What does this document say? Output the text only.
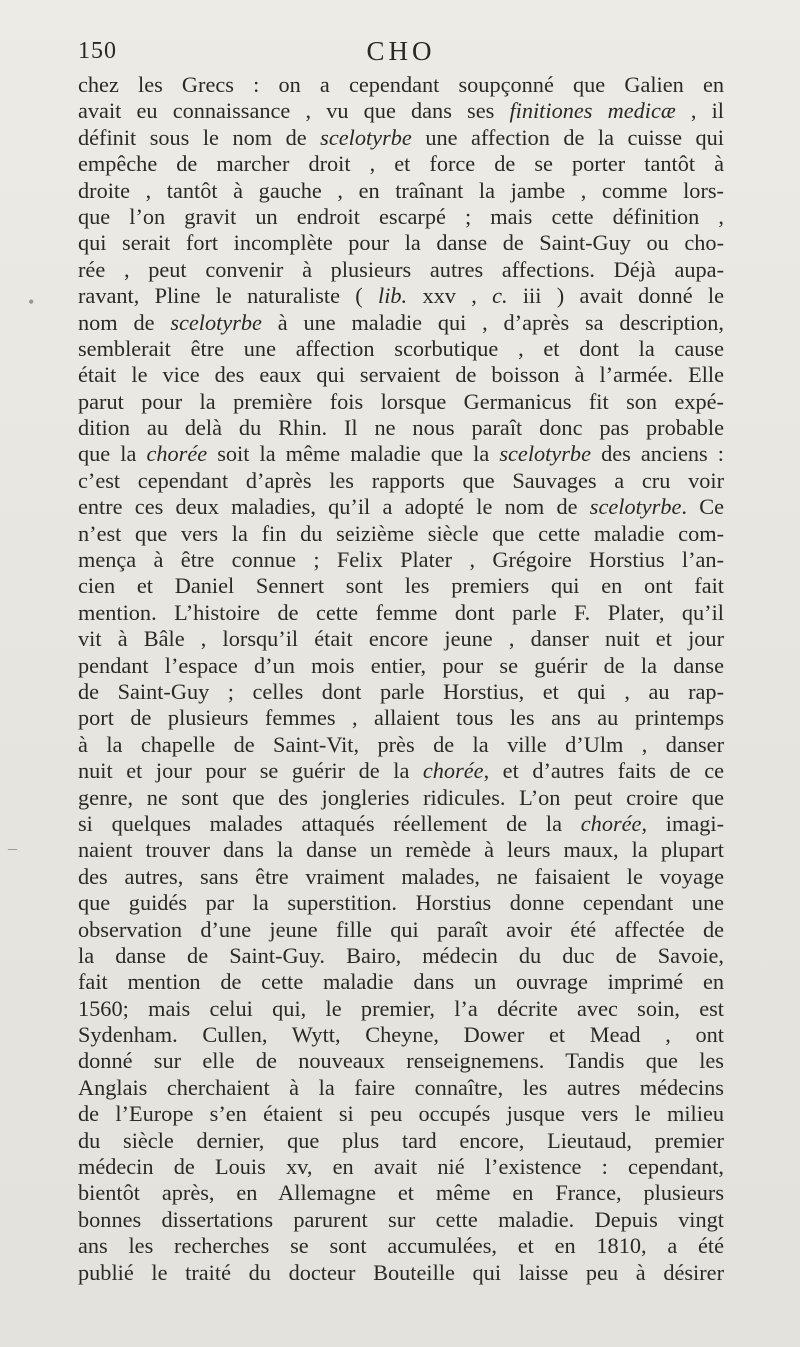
150	CHO
•
–
chez les Grecs : on a cependant soupçonné que Galien en
avait eu connaissance , vu que dans ses finitiones medicæ , il
définit sous le nom de scelotyrbe une affection de la cuisse qui
empêche de marcher droit , et force de se porter tantôt à
droite , tantôt à gauche , en traînant la jambe , comme lors-
que l’on gravit un endroit escarpé ; mais cette définition ,
qui serait fort incomplète pour la danse de Saint-Guy ou cho-
rée , peut convenir à plusieurs autres affections. Déjà aupa-
ravant, Pline le naturaliste ( lib. xxv , c. iii ) avait donné le
nom de scelotyrbe à une maladie qui , d’après sa description,
semblerait être une affection scorbutique , et dont la cause
était le vice des eaux qui servaient de boisson à l’armée. Elle
parut pour la première fois lorsque Germanicus fit son expé-
dition au delà du Rhin. Il ne nous paraît donc pas probable
que la chorée soit la même maladie que la scelotyrbe des anciens :
c’est cependant d’après les rapports que Sauvages a cru voir
entre ces deux maladies, qu’il a adopté le nom de scelotyrbe. Ce
n’est que vers la fin du seizième siècle que cette maladie com-
mença à être connue ; Felix Plater , Grégoire Horstius l’an-
cien et Daniel Sennert sont les premiers qui en ont fait
mention. L’histoire de cette femme dont parle F. Plater, qu’il
vit à Bâle , lorsqu’il était encore jeune , danser nuit et jour
pendant l’espace d’un mois entier, pour se guérir de la danse
de Saint-Guy ; celles dont parle Horstius, et qui , au rap-
port de plusieurs femmes , allaient tous les ans au printemps
à la chapelle de Saint-Vit, près de la ville d’Ulm , danser
nuit et jour pour se guérir de la chorée, et d’autres faits de ce
genre, ne sont que des jongleries ridicules. L’on peut croire que
si quelques malades attaqués réellement de la chorée, imagi-
naient trouver dans la danse un remède à leurs maux, la plupart
des autres, sans être vraiment malades, ne faisaient le voyage
que guidés par la superstition. Horstius donne cependant une
observation d’une jeune fille qui paraît avoir été affectée de
la danse de Saint-Guy. Bairo, médecin du duc de Savoie,
fait mention de cette maladie dans un ouvrage imprimé en
1560; mais celui qui, le premier, l’a décrite avec soin, est
Sydenham. Cullen, Wytt, Cheyne, Dower et Mead , ont
donné sur elle de nouveaux renseignemens. Tandis que les
Anglais cherchaient à la faire connaître, les autres médecins
de l’Europe s’en étaient si peu occupés jusque vers le milieu
du siècle dernier, que plus tard encore, Lieutaud, premier
médecin de Louis xv, en avait nié l’existence : cependant,
bientôt après, en Allemagne et même en France, plusieurs
bonnes dissertations parurent sur cette maladie. Depuis vingt
ans les recherches se sont accumulées, et en 1810, a été
publié le traité du docteur Bouteille qui laisse peu à désirer
